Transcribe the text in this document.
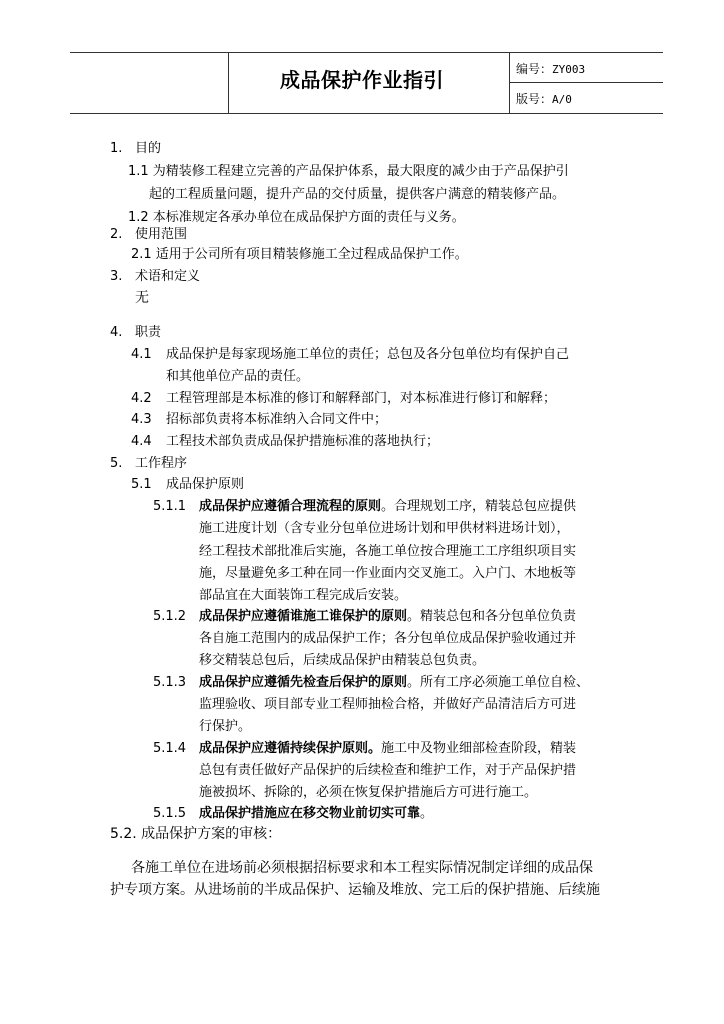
成品保护作业指引	编号：ZY003
版号：A/0
1. 目的
1.1 为精装修工程建立完善的产品保护体系，最大限度的减少由于产品保护引
起的工程质量问题，提升产品的交付质量，提供客户满意的精装修产品。
1.2 本标准规定各承办单位在成品保护方面的责任与义务。
2. 使用范围
2.1 适用于公司所有项目精装修施工全过程成品保护工作。
3. 术语和定义
无
4. 职责
4.1 成品保护是每家现场施工单位的责任；总包及各分包单位均有保护自己
和其他单位产品的责任。
4.2 工程管理部是本标准的修订和解释部门，对本标准进行修订和解释；
4.3 招标部负责将本标准纳入合同文件中；
4.4 工程技术部负责成品保护措施标准的落地执行；
5. 工作程序
5.1 成品保护原则
5.1.1 成品保护应遵循合理流程的原则。合理规划工序，精装总包应提供
施工进度计划（含专业分包单位进场计划和甲供材料进场计划），
经工程技术部批准后实施，各施工单位按合理施工工序组织项目实
施，尽量避免多工种在同一作业面内交叉施工。入户门、木地板等
部品宜在大面装饰工程完成后安装。
5.1.2 成品保护应遵循谁施工谁保护的原则。精装总包和各分包单位负责
各自施工范围内的成品保护工作；各分包单位成品保护验收通过并
移交精装总包后，后续成品保护由精装总包负责。
5.1.3 成品保护应遵循先检查后保护的原则。所有工序必须施工单位自检、
监理验收、项目部专业工程师抽检合格，并做好产品清洁后方可进
行保护。
5.1.4 成品保护应遵循持续保护原则。施工中及物业细部检查阶段，精装
总包有责任做好产品保护的后续检查和维护工作，对于产品保护措
施被损坏、拆除的，必须在恢复保护措施后方可进行施工。
5.1.5 成品保护措施应在移交物业前切实可靠。
5.2. 成品保护方案的审核：
各施工单位在进场前必须根据招标要求和本工程实际情况制定详细的成品保
护专项方案。从进场前的半成品保护、运输及堆放、完工后的保护措施、后续施
